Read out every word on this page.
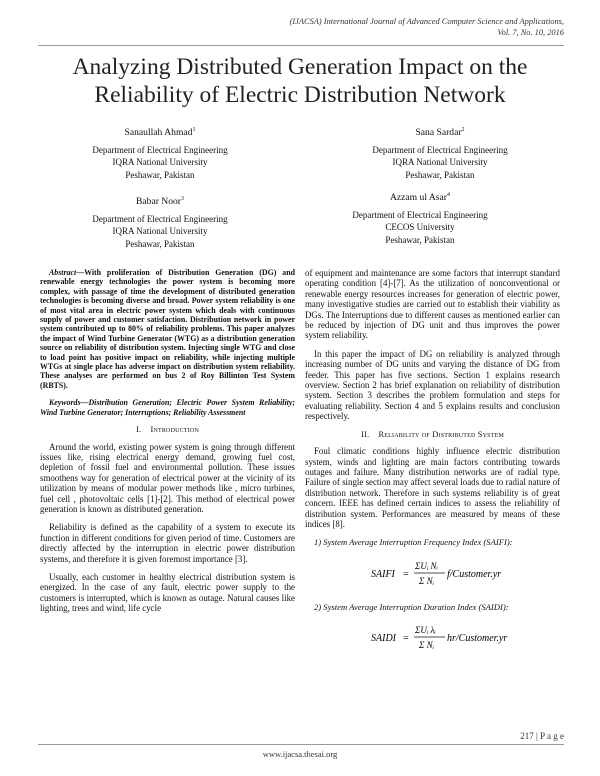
(IJACSA) International Journal of Advanced Computer Science and Applications,
Vol. 7, No. 10, 2016
Analyzing Distributed Generation Impact on the
Reliability of Electric Distribution Network
Sanaullah Ahmad$^1$
Department of Electrical Engineering
IQRA National University
Peshawar, Pakistan
Sana Sardar$^2$
Department of Electrical Engineering
IQRA National University
Peshawar, Pakistan
Babar Noor$^3$
Department of Electrical Engineering
IQRA National University
Peshawar, Pakistan
Azzam ul Asar$^4$
Department of Electrical Engineering
CECOS University
Peshawar, Pakistan

Abstract—With proliferation of Distribution Generation (DG) and renewable energy technologies the power system is becoming more complex, with passage of time the development of distributed generation technologies is becoming diverse and broad. Power system reliability is one of most vital area in electric power system which deals with continuous supply of power and customer satisfaction. Distribution network in power system contributed up to 80% of reliability problems. This paper analyzes the impact of Wind Turbine Generator (WTG) as a distribution generation source on reliability of distribution system. Injecting single WTG and close to load point has positive impact on reliability, while injecting multiple WTGs at single place has adverse impact on distribution system reliability. These analyses are performed on bus 2 of Roy Billinton Test System (RBTS).

Keywords—Distribution Generation; Electric Power System Reliability; Wind Turbine Generator; Interruptions; Reliability Assessment

I. Introduction

Around the world, existing power system is going through different issues like, rising electrical energy demand, growing fuel cost, depletion of fossil fuel and environmental pollution. These issues smoothens way for generation of electrical power at the vicinity of its utilization by means of modular power methods like , micro turbines, fuel cell , photovoltaic cells [1]-[2]. This method of electrical power generation is known as distributed generation.

Reliability is defined as the capability of a system to execute its function in different conditions for given period of time. Customers are directly affected by the interruption in electric power distribution systems, and therefore it is given foremost importance [3].

Usually, each customer in healthy electrical distribution system is energized. In the case of any fault, electric power supply to the customers is interrupted, which is known as outage. Natural causes like lighting, trees and wind, life cycle

of equipment and maintenance are some factors that interrupt standard operating condition [4]-[7]. As the utilization of nonconventional or renewable energy resources increases for generation of electric power, many investigative studies are carried out to establish their viability as DGs. The Interruptions due to different causes as mentioned earlier can be reduced by injection of DG unit and thus improves the power system reliability.

In this paper the impact of DG on reliability is analyzed through increasing number of DG units and varying the distance of DG from feeder. This paper has five sections. Section 1 explains research overview. Section 2 has brief explanation on reliability of distribution system. Section 3 describes the problem formulation and steps for evaluating reliability. Section 4 and 5 explains results and conclusion respectively.

II. Reliability of Distributed System

Foul climatic conditions highly influence electric distribution system, winds and lighting are main factors contributing towards outages and failure. Many distribution networks are of radial type. Failure of single section may affect several loads due to radial nature of distribution network. Therefore in such systems reliability is of great concern. IEEE has defined certain indices to assess the reliability of distribution system. Performances are measured by means of these indices [8].

1) System Average Interruption Frequency Index (SAIFI):
SAIFI =
ΣUᵢ Nᵢ
Σ Nᵢ
f/Customer.yr
2) System Average Interruption Duration Index (SAIDI):
SAIDI =
ΣUᵢ λᵢ
Σ Nᵢ
hr/Customer.yr
217 | P a g e
www.ijacsa.thesai.org
